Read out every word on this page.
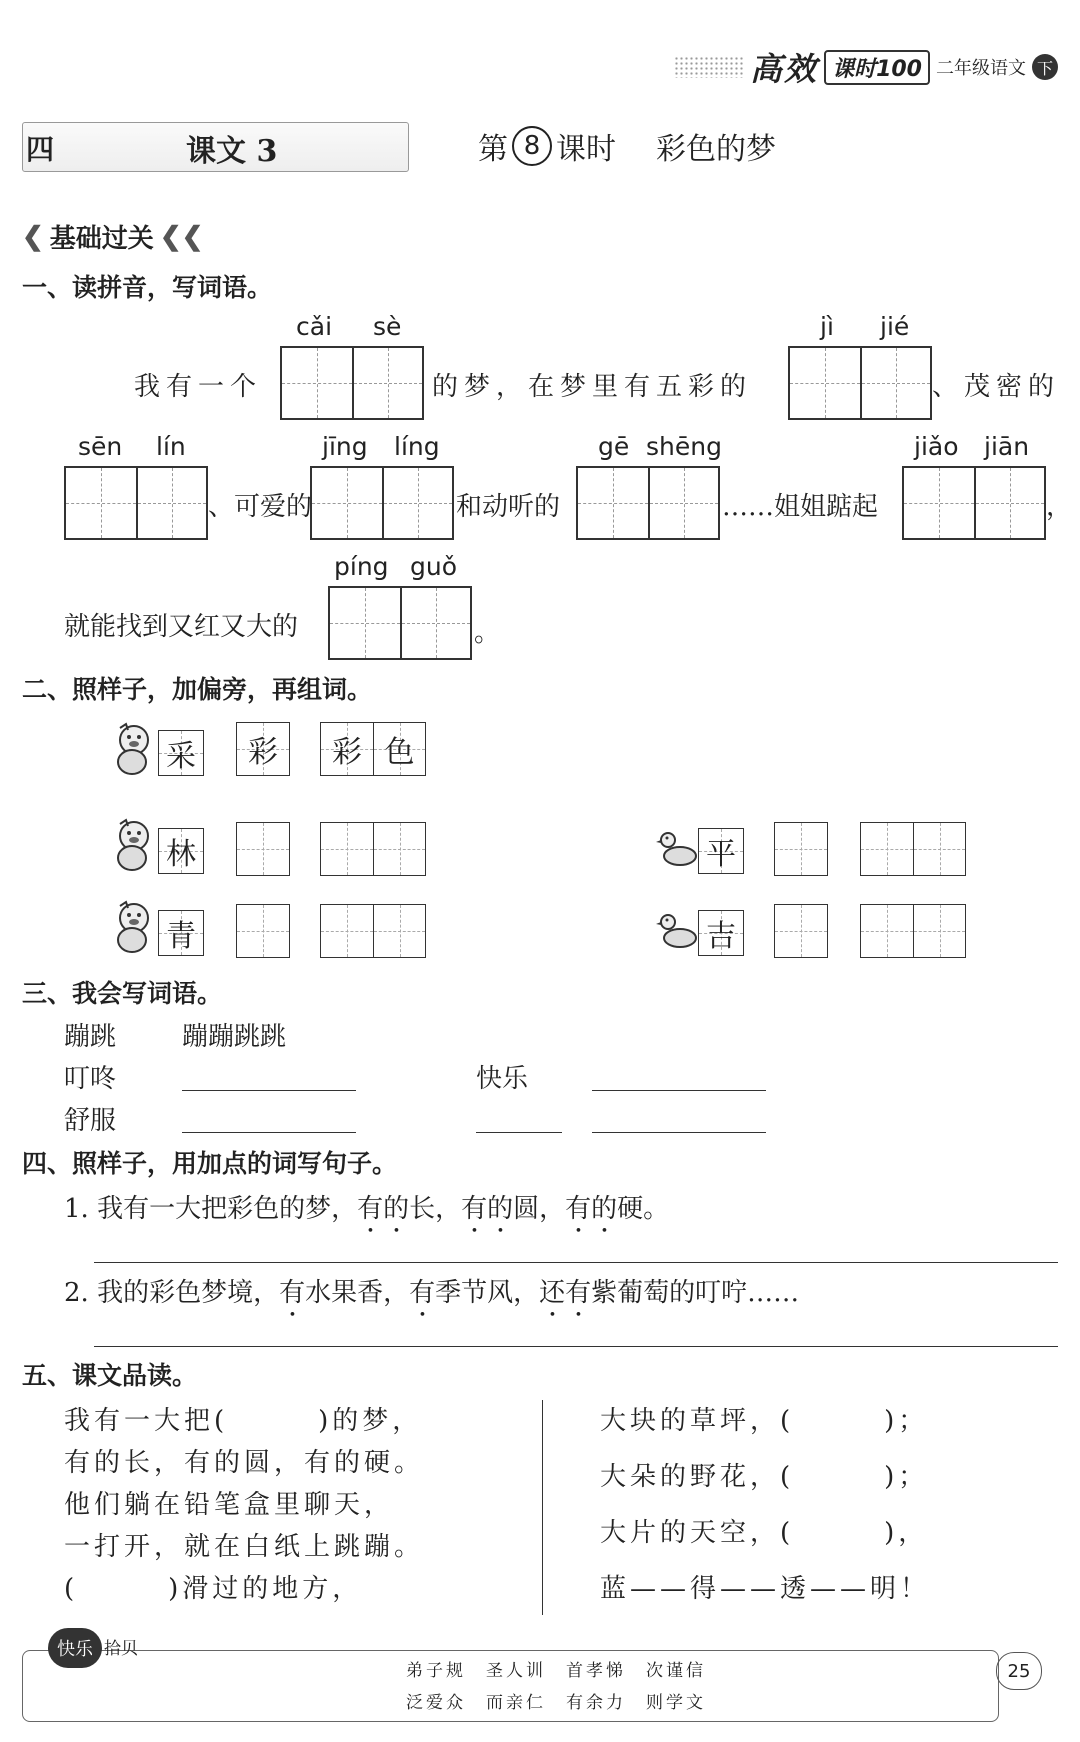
高效 课时100 二年级语文 下
四	课文 3	第 8 课时 彩色的梦
❮ 基础过关 ❮❮
一、读拼音，写词语。
cǎi sè	jì jié
我有一个	的梦，在梦里有五彩的	、茂密的
sēn lín	jīng líng	gē shēng	jiǎo jiān
、可爱的	和动听的	……姐姐踮起	，
píng guǒ
就能找到又红又大的	。
二、照样子，加偏旁，再组词。
采 彩 彩 色
林	平
青	吉
三、我会写词语。
蹦跳	蹦蹦跳跳
叮咚	快乐
舒服
四、照样子，用加点的词写句子。
1. 我有一大把彩色的梦，有的长，有的圆，有的硬。
2. 我的彩色梦境，有水果香，有季节风，还有紫葡萄的叮咛……
五、课文品读。
我有一大把(　　　)的梦，
有的长，有的圆，有的硬。
他们躺在铅笔盒里聊天，
一打开，就在白纸上跳蹦。
(　　　)滑过的地方，
大块的草坪，(　　　)；
大朵的野花，(　　　)；
大片的天空，(　　　)，
蓝——得——透——明！
快乐 拾贝
弟子规　圣人训　首孝悌　次谨信
泛爱众　而亲仁　有余力　则学文
25
